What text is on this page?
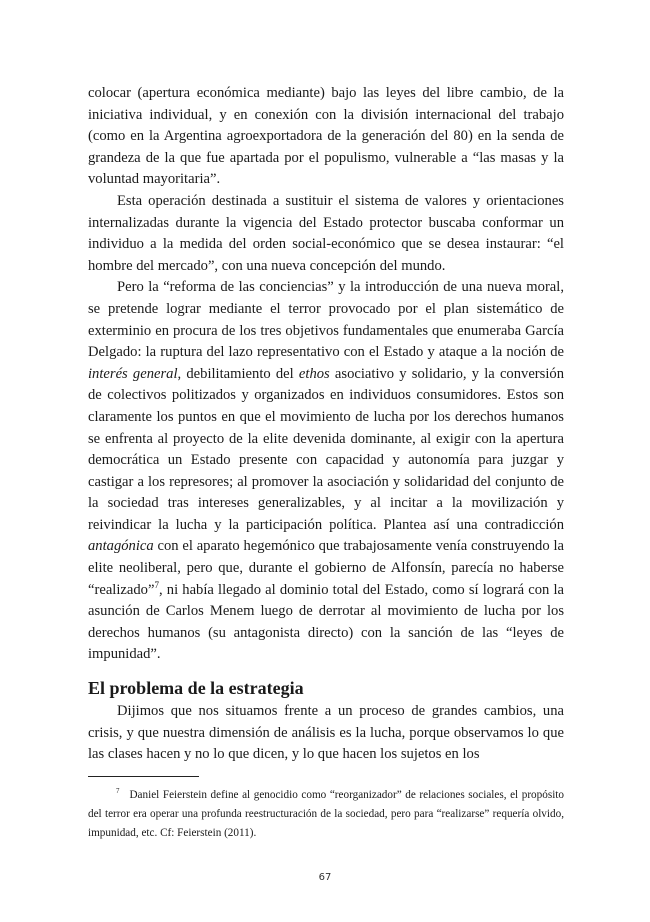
colocar (apertura económica mediante) bajo las leyes del libre cambio, de la iniciativa individual, y en conexión con la división internacional del trabajo (como en la Argentina agroexportadora de la generación del 80) en la senda de grandeza de la que fue apartada por el populismo, vulnerable a “las masas y la voluntad mayoritaria”.

Esta operación destinada a sustituir el sistema de valores y orientaciones internalizadas durante la vigencia del Estado protector buscaba conformar un individuo a la medida del orden social-económico que se desea instaurar: “el hombre del mercado”, con una nueva concepción del mundo.

Pero la “reforma de las conciencias” y la introducción de una nueva moral, se pretende lograr mediante el terror provocado por el plan sistemático de exterminio en procura de los tres objetivos fundamentales que enumeraba García Delgado: la ruptura del lazo representativo con el Estado y ataque a la noción de interés general, debilitamiento del ethos asociativo y solidario, y la conversión de colectivos politizados y organizados en individuos consumidores. Estos son claramente los puntos en que el movimiento de lucha por los derechos humanos se enfrenta al proyecto de la elite devenida dominante, al exigir con la apertura democrática un Estado presente con capacidad y autonomía para juzgar y castigar a los represores; al promover la asociación y solidaridad del conjunto de la sociedad tras intereses generalizables, y al incitar a la movilización y reivindicar la lucha y la participación política. Plantea así una contradicción antagónica con el aparato hegemónico que trabajosamente venía construyendo la elite neoliberal, pero que, durante el gobierno de Alfonsín, parecía no haberse “realizado”$^7$, ni había llegado al dominio total del Estado, como sí logrará con la asunción de Carlos Menem luego de derrotar al movimiento de lucha por los derechos humanos (su antagonista directo) con la sanción de las “leyes de impunidad”.

El problema de la estrategia

Dijimos que nos situamos frente a un proceso de grandes cambios, una crisis, y que nuestra dimensión de análisis es la lucha, porque observamos lo que las clases hacen y no lo que dicen, y lo que hacen los sujetos en los

$^7$ Daniel Feierstein define al genocidio como “reorganizador” de relaciones sociales, el propósito del terror era operar una profunda reestructuración de la sociedad, pero para “realizarse” requería olvido, impunidad, etc. Cf: Feierstein (2011).

67
